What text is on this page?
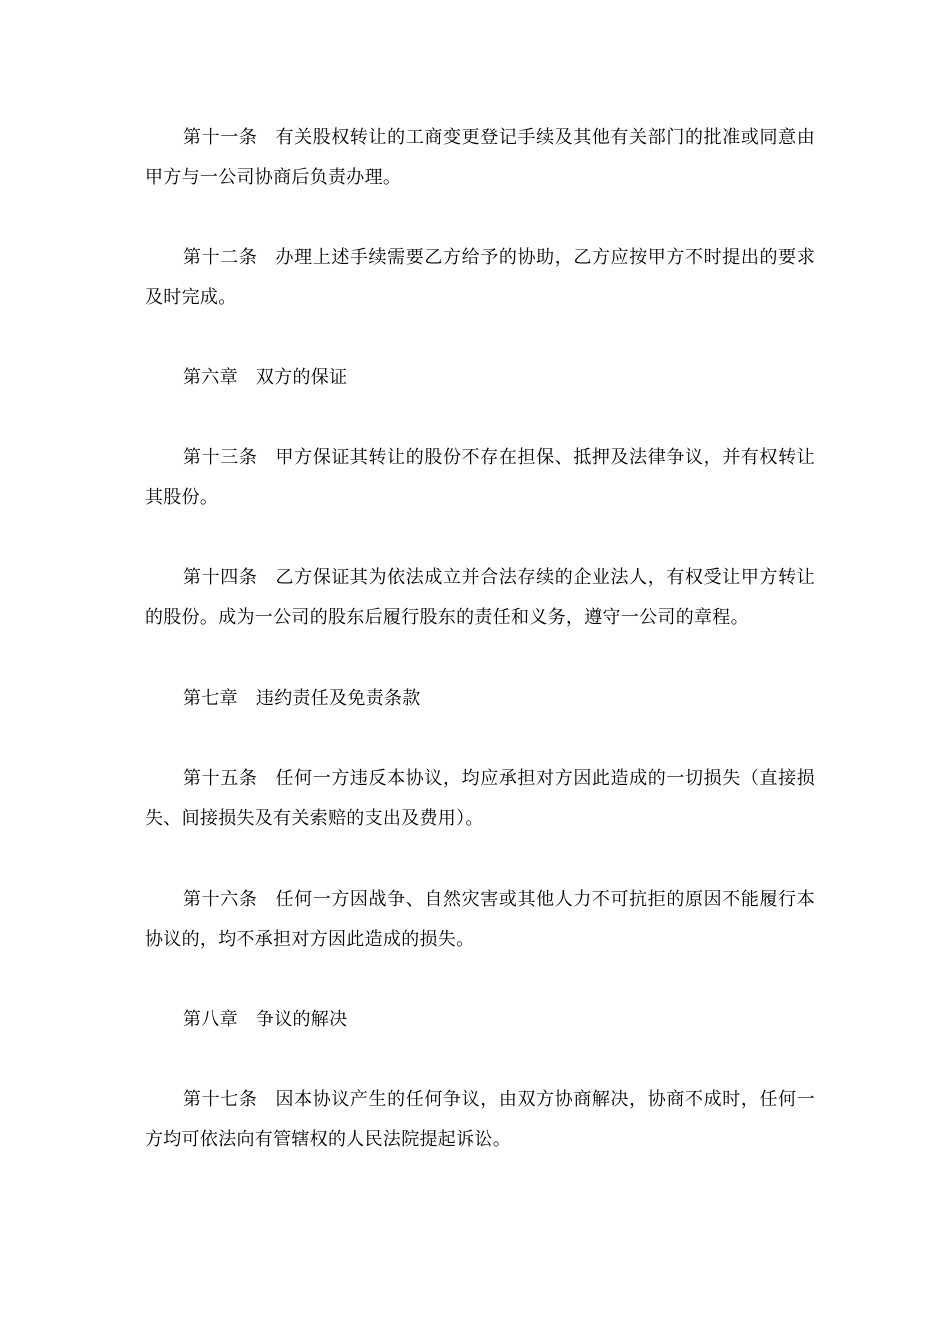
第十一条 有关股权转让的工商变更登记手续及其他有关部门的批准或同意由甲方与一公司协商后负责办理。

第十二条 办理上述手续需要乙方给予的协助，乙方应按甲方不时提出的要求及时完成。

第六章 双方的保证

第十三条 甲方保证其转让的股份不存在担保、抵押及法律争议，并有权转让其股份。

第十四条 乙方保证其为依法成立并合法存续的企业法人，有权受让甲方转让的股份。成为一公司的股东后履行股东的责任和义务，遵守一公司的章程。

第七章 违约责任及免责条款

第十五条 任何一方违反本协议，均应承担对方因此造成的一切损失（直接损失、间接损失及有关索赔的支出及费用）。

第十六条 任何一方因战争、自然灾害或其他人力不可抗拒的原因不能履行本协议的，均不承担对方因此造成的损失。

第八章 争议的解决

第十七条 因本协议产生的任何争议，由双方协商解决，协商不成时，任何一方均可依法向有管辖权的人民法院提起诉讼。
